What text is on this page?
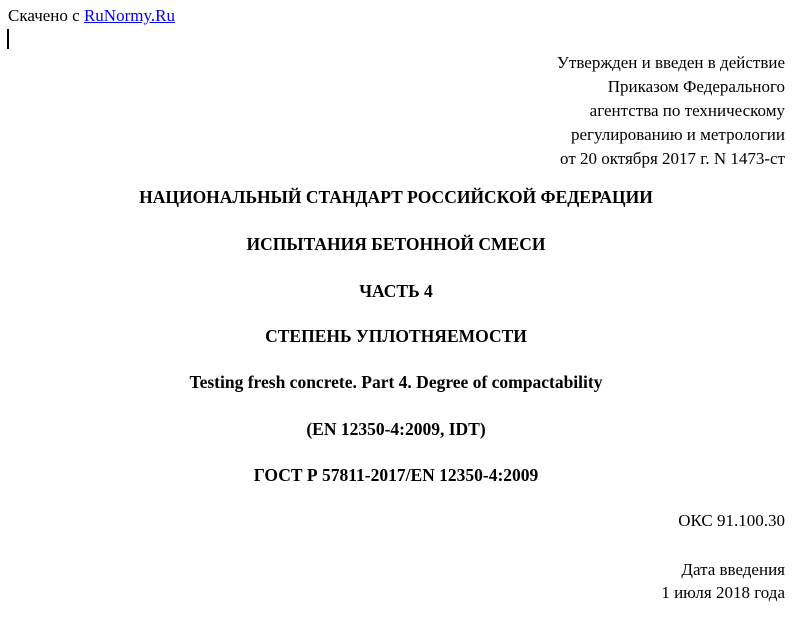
Скачено с RuNormy.Ru
Утвержден и введен в действие
Приказом Федерального
агентства по техническому
регулированию и метрологии
от 20 октября 2017 г. N 1473-ст
НАЦИОНАЛЬНЫЙ СТАНДАРТ РОССИЙСКОЙ ФЕДЕРАЦИИ
ИСПЫТАНИЯ БЕТОННОЙ СМЕСИ
ЧАСТЬ 4
СТЕПЕНЬ УПЛОТНЯЕМОСТИ
Testing fresh concrete. Part 4. Degree of compactability
(EN 12350-4:2009, IDT)
ГОСТ Р 57811-2017/EN 12350-4:2009
ОКС 91.100.30
Дата введения
1 июля 2018 года
